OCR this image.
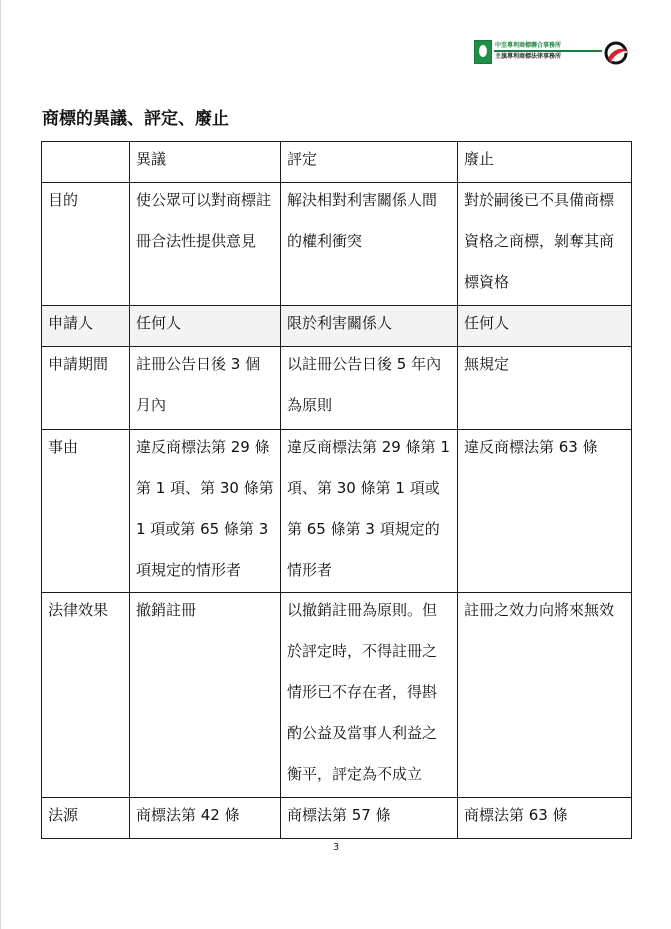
中至專利商標聯合事務所
主旗專利商標法律事務所
商標的異議、評定、廢止

	異議	評定	廢止

目的	使公眾可以對商標註冊合法性提供意見	解決相對利害關係人間的權利衝突	對於嗣後已不具備商標資格之商標，剝奪其商標資格

申請人	任何人	限於利害關係人	任何人

申請期間	註冊公告日後 3 個月內	以註冊公告日後 5 年內為原則	無規定

事由	違反商標法第 29 條第 1 項、第 30 條第 1 項或第 65 條第 3 項規定的情形者	違反商標法第 29 條第 1 項、第 30 條第 1 項或第 65 條第 3 項規定的情形者	違反商標法第 63 條

法律效果	撤銷註冊	以撤銷註冊為原則。但於評定時，不得註冊之情形已不存在者，得斟酌公益及當事人利益之衡平，評定為不成立	註冊之效力向將來無效

法源	商標法第 42 條	商標法第 57 條	商標法第 63 條
3
